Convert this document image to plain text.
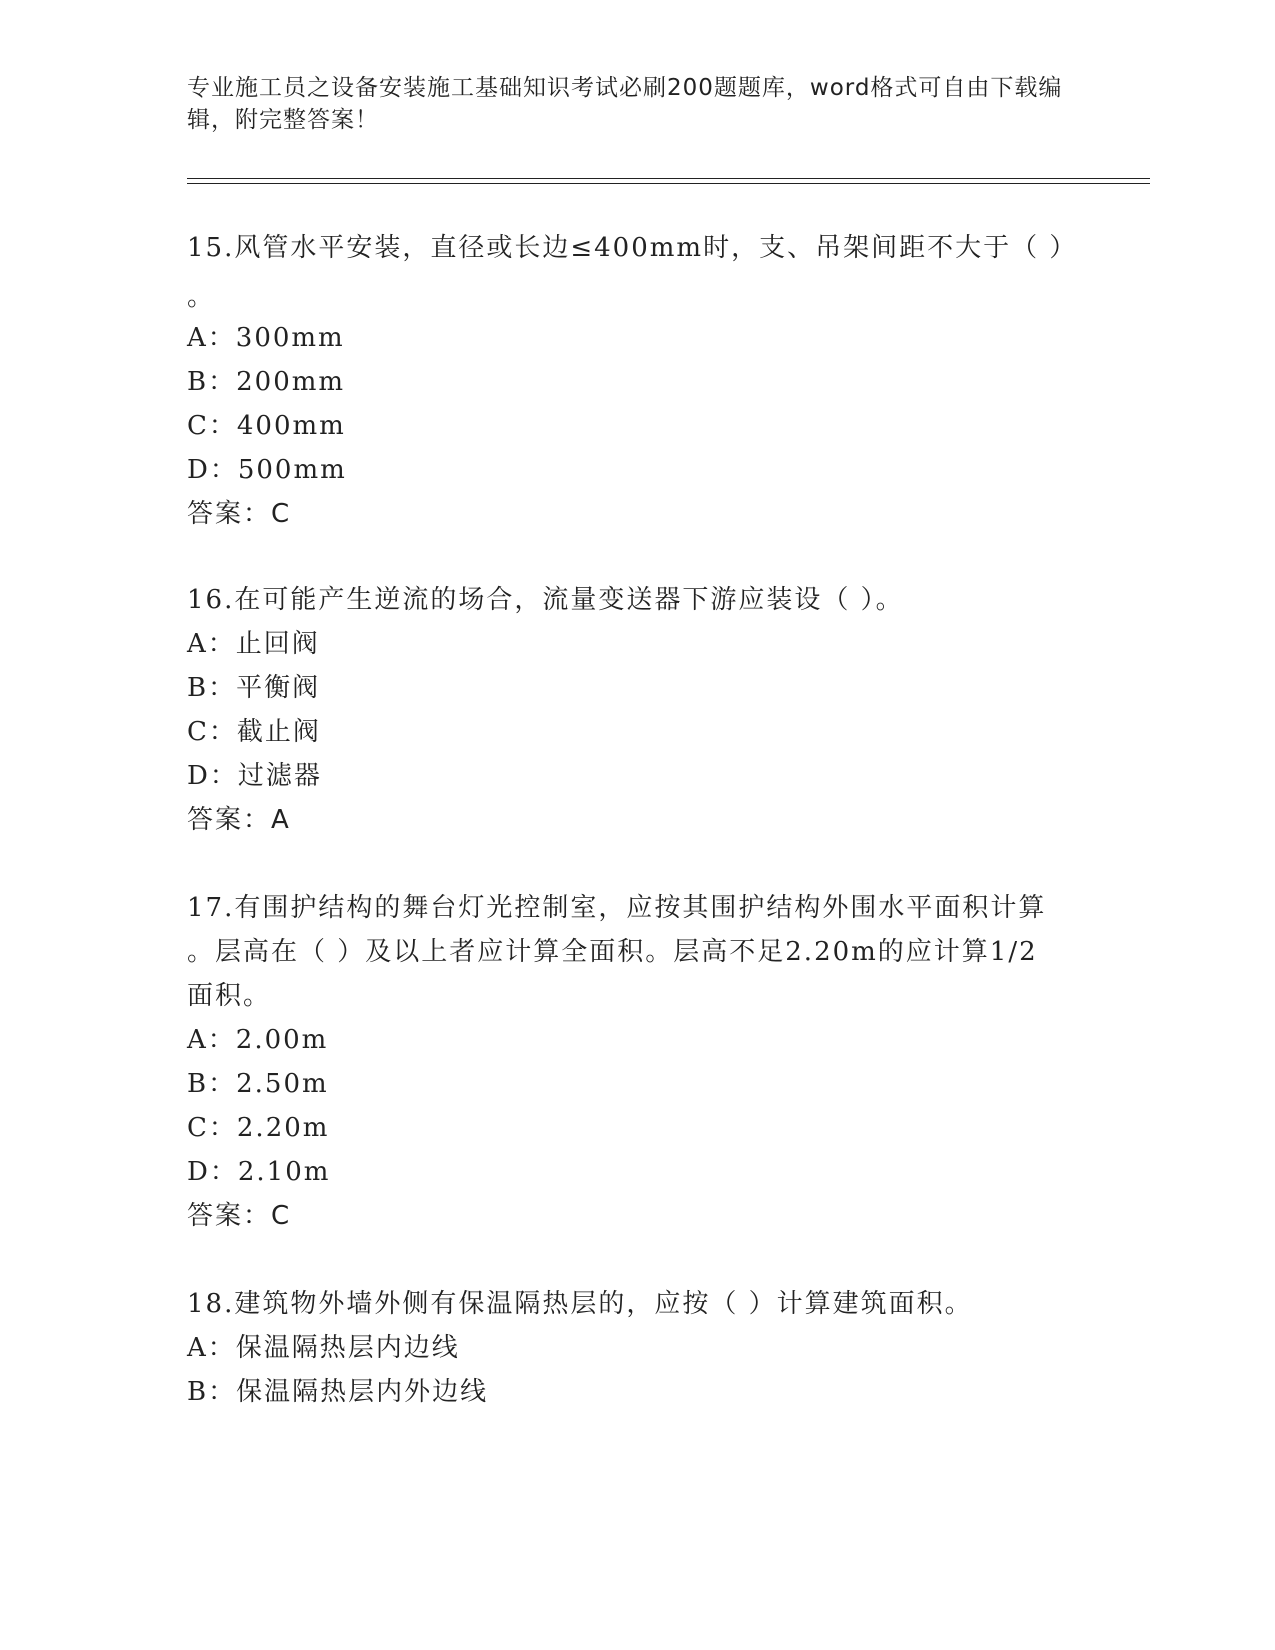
专业施工员之设备安装施工基础知识考试必刷200题题库，word格式可自由下载编辑，附完整答案！
15.风管水平安装，直径或长边≤400mm时，支、吊架间距不大于（ ）
。
A：300mm
B：200mm
C：400mm
D：500mm
答案：C
16.在可能产生逆流的场合，流量变送器下游应装设（ ）。
A：止回阀
B：平衡阀
C：截止阀
D：过滤器
答案：A
17.有围护结构的舞台灯光控制室，应按其围护结构外围水平面积计算
。层高在（ ）及以上者应计算全面积。层高不足2.20m的应计算1/2
面积。
A：2.00m
B：2.50m
C：2.20m
D：2.10m
答案：C
18.建筑物外墙外侧有保温隔热层的，应按（ ）计算建筑面积。
A：保温隔热层内边线
B：保温隔热层内外边线
